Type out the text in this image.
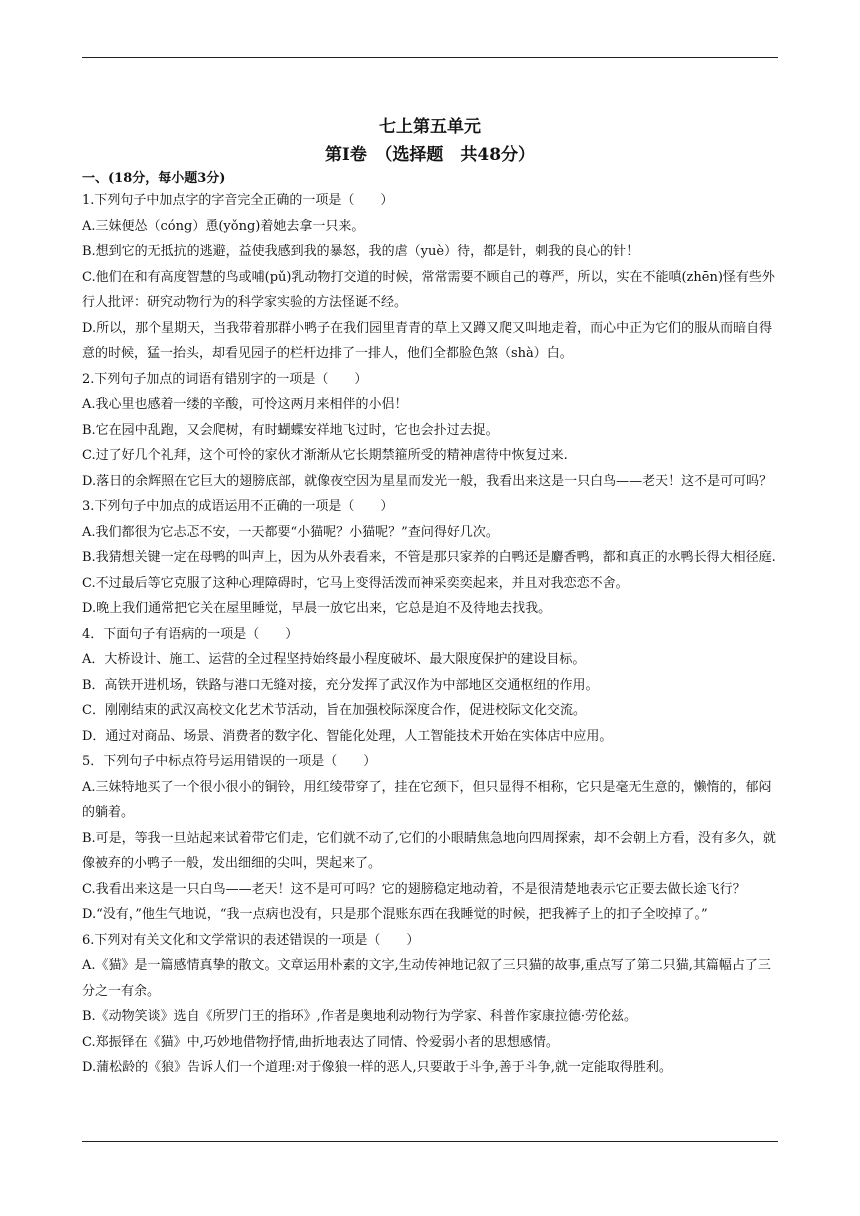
七上第五单元
第Ⅰ卷　（选择题　共48分）
一、(18分，每小题3分)

1.下列句子中加点字的字音完全正确的一项是（　　）

A.三妹便怂（cóng）恿(yǒng)着她去拿一只来。

B.想到它的无抵抗的逃避，益使我感到我的暴怒，我的虐（yuè）待，都是针，刺我的良心的针！

C.他们在和有高度智慧的鸟或哺(pǔ)乳动物打交道的时候，常常需要不顾自己的尊严，所以，实在不能嗔(zhēn)怪有些外行人批评：研究动物行为的科学家实验的方法怪诞不经。

D.所以，那个星期天，当我带着那群小鸭子在我们园里青青的草上又蹲又爬又叫地走着，而心中正为它们的服从而暗自得意的时候，猛一抬头，却看见园子的栏杆边排了一排人，他们全都脸色煞（shà）白。

2.下列句子加点的词语有错别字的一项是（　　）

A.我心里也感着一缕的辛酸，可怜这两月来相伴的小侣！

B.它在园中乱跑，又会爬树，有时蝴蝶安祥地飞过时，它也会扑过去捉。

C.过了好几个礼拜，这个可怜的家伙才渐渐从它长期禁箍所受的精神虐待中恢复过来.

D.落日的余辉照在它巨大的翅膀底部，就像夜空因为星星而发光一般，我看出来这是一只白鸟——老天！这不是可可吗？

3.下列句子中加点的成语运用不正确的一项是（　　）

A.我们都很为它忐忑不安，一天都要“小猫呢？小猫呢？”查问得好几次。

B.我猜想关键一定在母鸭的叫声上，因为从外表看来，不管是那只家养的白鸭还是麝香鸭，都和真正的水鸭长得大相径庭.

C.不过最后等它克服了这种心理障碍时，它马上变得活泼而神采奕奕起来，并且对我恋恋不舍。

D.晚上我们通常把它关在屋里睡觉，早晨一放它出来，它总是迫不及待地去找我。

4．下面句子有语病的一项是（　　）

A．大桥设计、施工、运营的全过程坚持始终最小程度破坏、最大限度保护的建设目标。

B．高铁开进机场，铁路与港口无缝对接，充分发挥了武汉作为中部地区交通枢纽的作用。

C．刚刚结束的武汉高校文化艺术节活动，旨在加强校际深度合作，促进校际文化交流。

D．通过对商品、场景、消费者的数字化、智能化处理，人工智能技术开始在实体店中应用。

5．下列句子中标点符号运用错误的一项是（　　）

A.三妹特地买了一个很小很小的铜铃，用红绫带穿了，挂在它颈下，但只显得不相称，它只是毫无生意的，懒惰的，郁闷的躺着。

B.可是，等我一旦站起来试着带它们走，它们就不动了,它们的小眼睛焦急地向四周探索，却不会朝上方看，没有多久，就像被弃的小鸭子一般，发出细细的尖叫，哭起来了。

C.我看出来这是一只白鸟——老天！这不是可可吗？它的翅膀稳定地动着，不是很清楚地表示它正要去做长途飞行？

D.“没有，”他生气地说，“我一点病也没有，只是那个混账东西在我睡觉的时候，把我裤子上的扣子全咬掉了。”

6.下列对有关文化和文学常识的表述错误的一项是（　　）

A.《猫》是一篇感情真挚的散文。文章运用朴素的文字,生动传神地记叙了三只猫的故事,重点写了第二只猫,其篇幅占了三分之一有余。

B.《动物笑谈》选自《所罗门王的指环》,作者是奥地利动物行为学家、科普作家康拉德·劳伦兹。

C.郑振铎在《猫》中,巧妙地借物抒情,曲折地表达了同情、怜爱弱小者的思想感情。

D.蒲松龄的《狼》告诉人们一个道理:对于像狼一样的恶人,只要敢于斗争,善于斗争,就一定能取得胜利。
